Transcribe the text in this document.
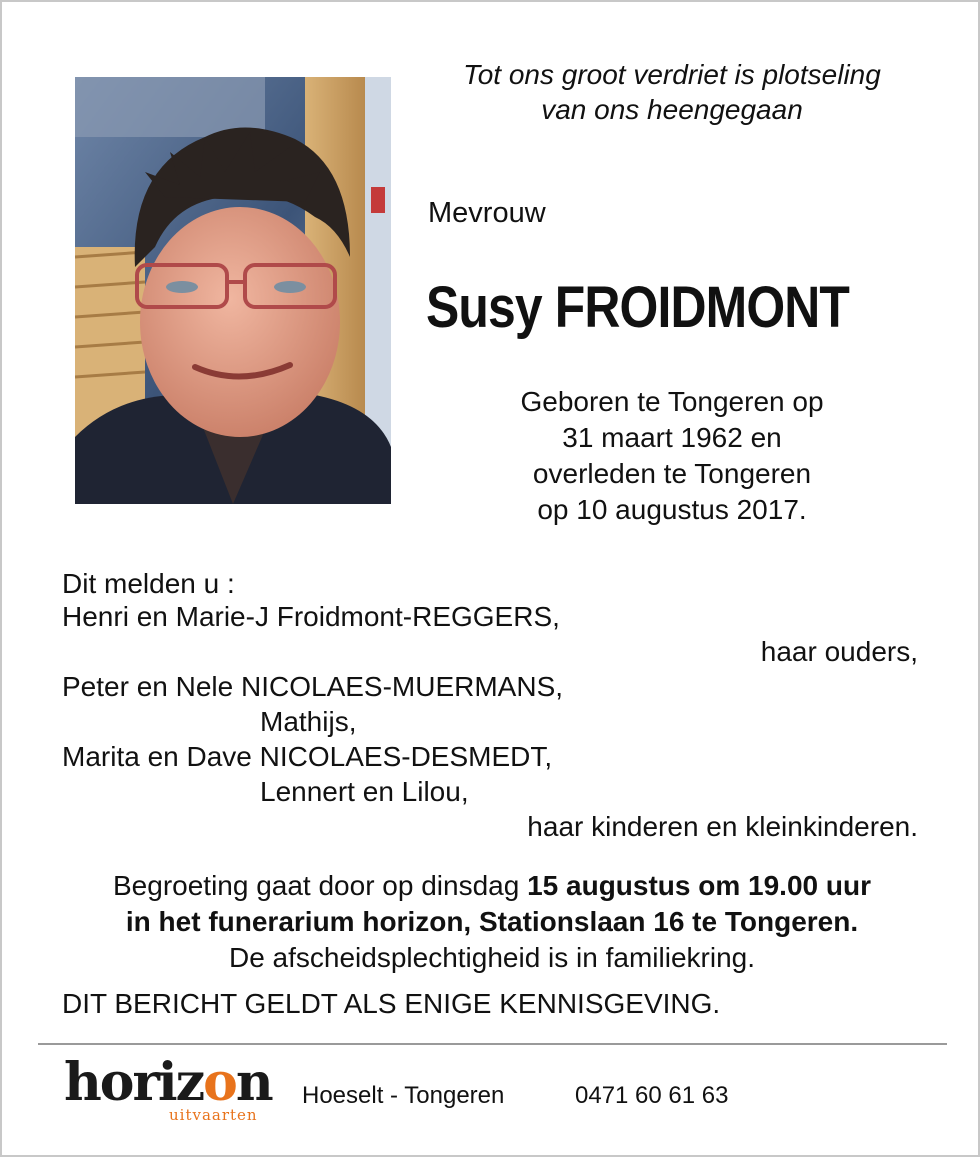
Tot ons groot verdriet is plotseling
van ons heengegaan
Mevrouw
Susy FROIDMONT
Geboren te Tongeren op
31 maart 1962 en
overleden te Tongeren
op 10 augustus 2017.
Dit melden u :
Henri en Marie-J Froidmont-REGGERS,
haar ouders,
Peter en Nele NICOLAES-MUERMANS,
Mathijs,
Marita en Dave NICOLAES-DESMEDT,
Lennert en Lilou,
haar kinderen en kleinkinderen.
Begroeting gaat door op dinsdag 15 augustus om 19.00 uur
in het funerarium horizon, Stationslaan 16 te Tongeren.
De afscheidsplechtigheid is in familiekring.
DIT BERICHT GELDT ALS ENIGE KENNISGEVING.
horizon
uitvaarten
Hoeselt - Tongeren	0471 60 61 63
